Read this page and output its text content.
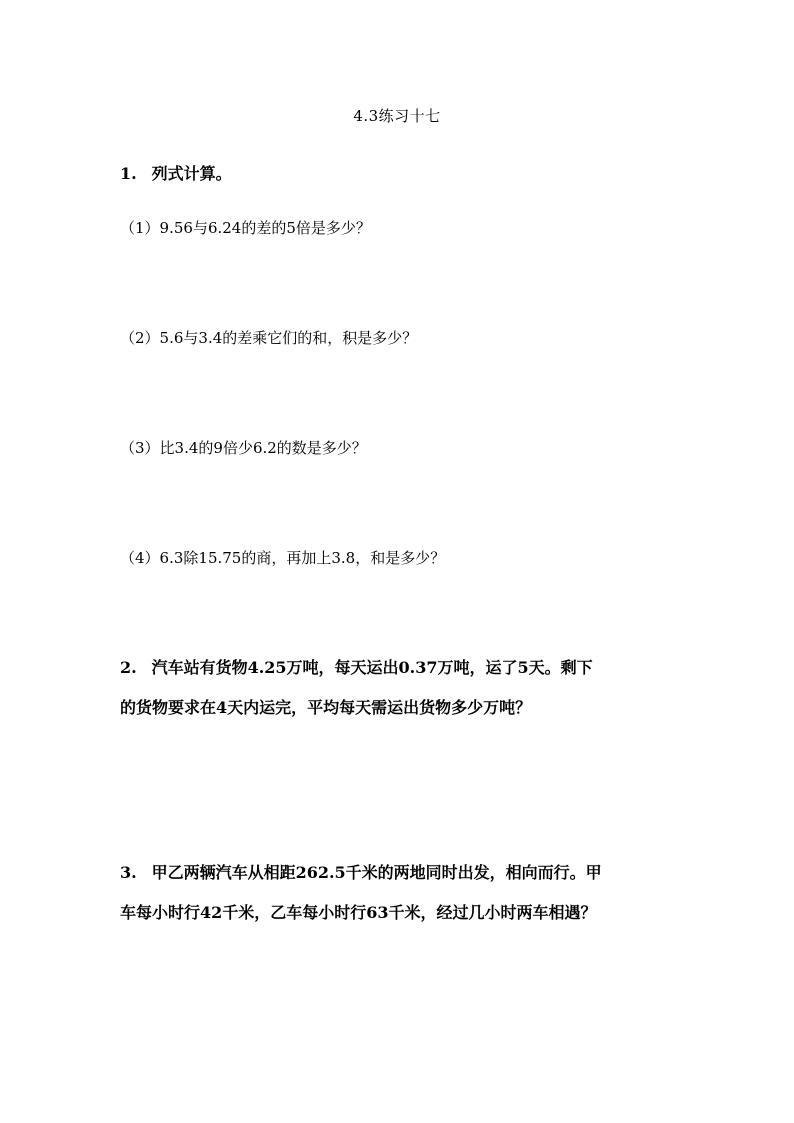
4.3练习十七
1. 列式计算。
（1）9.56与6.24的差的5倍是多少？
（2）5.6与3.4的差乘它们的和，积是多少？
（3）比3.4的9倍少6.2的数是多少？
（4）6.3除15.75的商，再加上3.8，和是多少？
2. 汽车站有货物4.25万吨，每天运出0.37万吨，运了5天。剩下
的货物要求在4天内运完，平均每天需运出货物多少万吨？
3. 甲乙两辆汽车从相距262.5千米的两地同时出发，相向而行。甲
车每小时行42千米，乙车每小时行63千米，经过几小时两车相遇？
